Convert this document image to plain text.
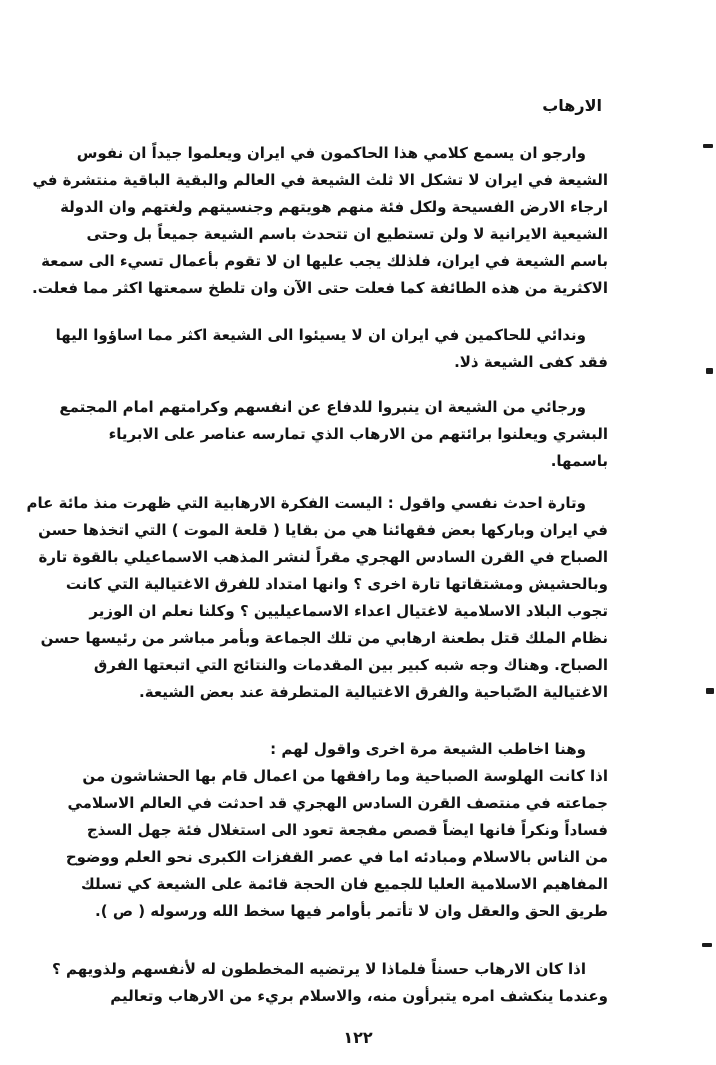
الارهاب
وارجو ان يسمع كلامي هذا الحاكمون في ايران ويعلموا جيداً ان نفوس
الشيعة في ايران لا تشكل الا ثلث الشيعة في العالم والبقية الباقية منتشرة في
ارجاء الارض الفسيحة ولكل فئة منهم هويتهم وجنسيتهم ولغتهم وان الدولة
الشيعية الايرانية لا ولن تستطيع ان تتحدث باسم الشيعة جميعاً بل وحتى
باسم الشيعة في ايران، فلذلك يجب عليها ان لا تقوم بأعمال تسيء الى سمعة
الاكثرية من هذه الطائفة كما فعلت حتى الآن وان تلطخ سمعتها اكثر مما فعلت.
وندائي للحاكمين في ايران ان لا يسيئوا الى الشيعة اكثر مما اساؤوا اليها
فقد كفى الشيعة ذلا.
ورجائي من الشيعة ان ينبروا للدفاع عن انفسهم وكرامتهم امام المجتمع
البشري ويعلنوا برائتهم من الارهاب الذي تمارسه عناصر على الابرياء
باسمها.
وتارة احدث نفسي واقول : اليست الفكرة الارهابية التي ظهرت منذ مائة عام
في ايران وباركها بعض فقهائنا هي من بقايا ( قلعة الموت ) التي اتخذها حسن
الصباح في القرن السادس الهجري مقراً لنشر المذهب الاسماعيلي بالقوة تارة
وبالحشيش ومشتقاتها تارة اخرى ؟ وانها امتداد للفرق الاغتيالية التي كانت
تجوب البلاد الاسلامية لاغتيال اعداء الاسماعيليين ؟ وكلنا نعلم ان الوزير
نظام الملك قتل بطعنة ارهابي من تلك الجماعة وبأمر مباشر من رئيسها حسن
الصباح. وهناك وجه شبه كبير بين المقدمات والنتائج التي اتبعتها الفرق
الاغتيالية الصّباحية والفرق الاغتيالية المتطرفة عند بعض الشيعة.
وهنا اخاطب الشيعة مرة اخرى واقول لهم :
اذا كانت الهلوسة الصباحية وما رافقها من اعمال قام بها الحشاشون من
جماعته في منتصف القرن السادس الهجري قد احدثت في العالم الاسلامي
فساداً ونكراً فانها ايضاً قصص مفجعة تعود الى استغلال فئة جهل السذج
من الناس بالاسلام ومبادئه اما في عصر القفزات الكبرى نحو العلم ووضوح
المفاهيم الاسلامية العليا للجميع فان الحجة قائمة على الشيعة كي تسلك
طريق الحق والعقل وان لا تأتمر بأوامر فيها سخط الله ورسوله ( ص ).
اذا كان الارهاب حسناً فلماذا لا يرتضيه المخططون له لأنفسهم ولذويهم ؟
وعندما ينكشف امره يتبرأون منه، والاسلام بريء من الارهاب وتعاليم
١٢٢
